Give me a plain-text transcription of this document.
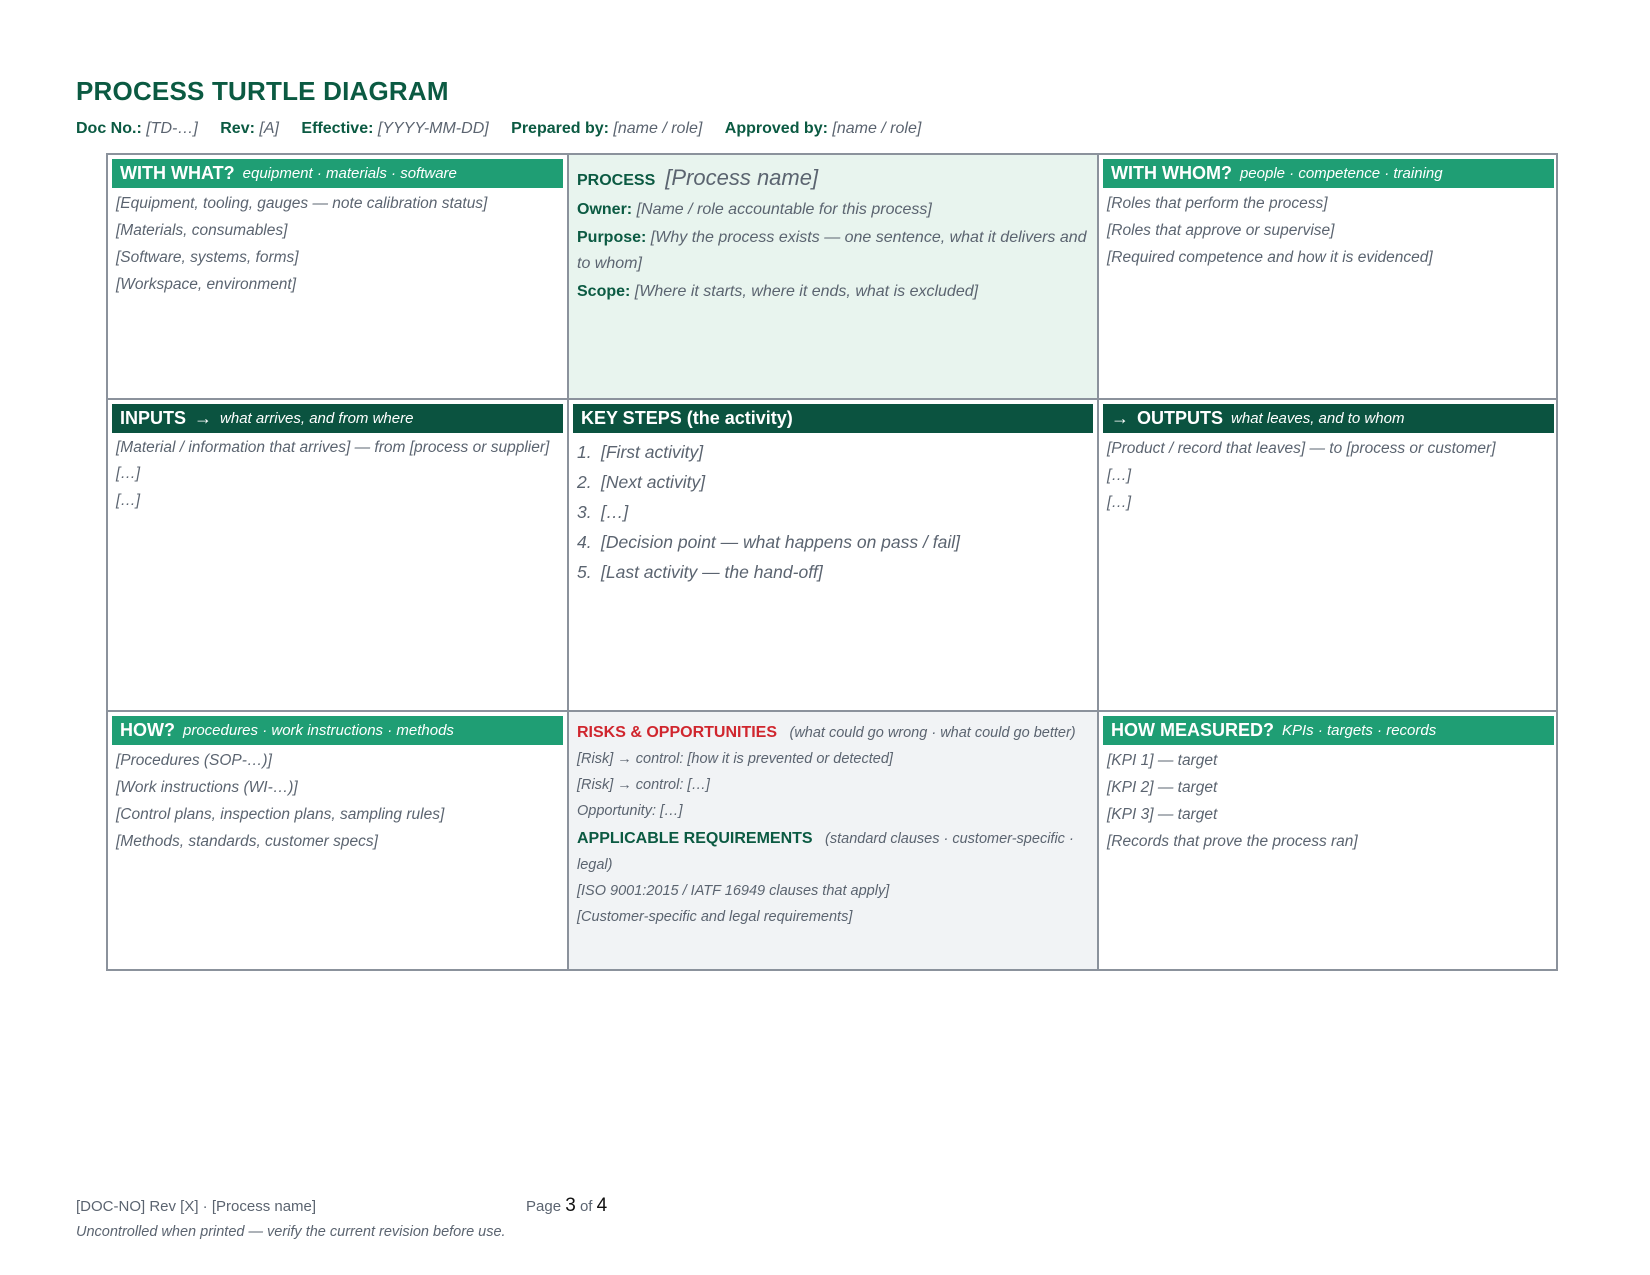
PROCESS TURTLE DIAGRAM
Doc No.: [TD-…] Rev: [A] Effective: [YYYY-MM-DD] Prepared by: [name / role] Approved by: [name / role]
WITH WHAT? equipment · materials · software
[Equipment, tooling, gauges — note calibration status]
[Materials, consumables]
[Software, systems, forms]
[Workspace, environment]
PROCESS [Process name]
Owner: [Name / role accountable for this process]
Purpose: [Why the process exists — one sentence, what it delivers and to whom]
Scope: [Where it starts, where it ends, what is excluded]
WITH WHOM? people · competence · training
[Roles that perform the process]
[Roles that approve or supervise]
[Required competence and how it is evidenced]
INPUTS → what arrives, and from where
[Material / information that arrives] — from [process or supplier]
[…]
[…]
KEY STEPS (the activity)
1. [First activity]
2. [Next activity]
3. […]
4. [Decision point — what happens on pass / fail]
5. [Last activity — the hand-off]
→ OUTPUTS what leaves, and to whom
[Product / record that leaves] — to [process or customer]
[…]
[…]
HOW? procedures · work instructions · methods
[Procedures (SOP-…)]
[Work instructions (WI-…)]
[Control plans, inspection plans, sampling rules]
[Methods, standards, customer specs]
RISKS & OPPORTUNITIES (what could go wrong · what could go better)
[Risk] → control: [how it is prevented or detected]
[Risk] → control: […]
Opportunity: […]
APPLICABLE REQUIREMENTS (standard clauses · customer-specific · legal)
[ISO 9001:2015 / IATF 16949 clauses that apply]
[Customer-specific and legal requirements]
HOW MEASURED? KPIs · targets · records
[KPI 1] — target
[KPI 2] — target
[KPI 3] — target
[Records that prove the process ran]
[DOC-NO] Rev [X] · [Process name]	Page 3 of 4
Uncontrolled when printed — verify the current revision before use.
